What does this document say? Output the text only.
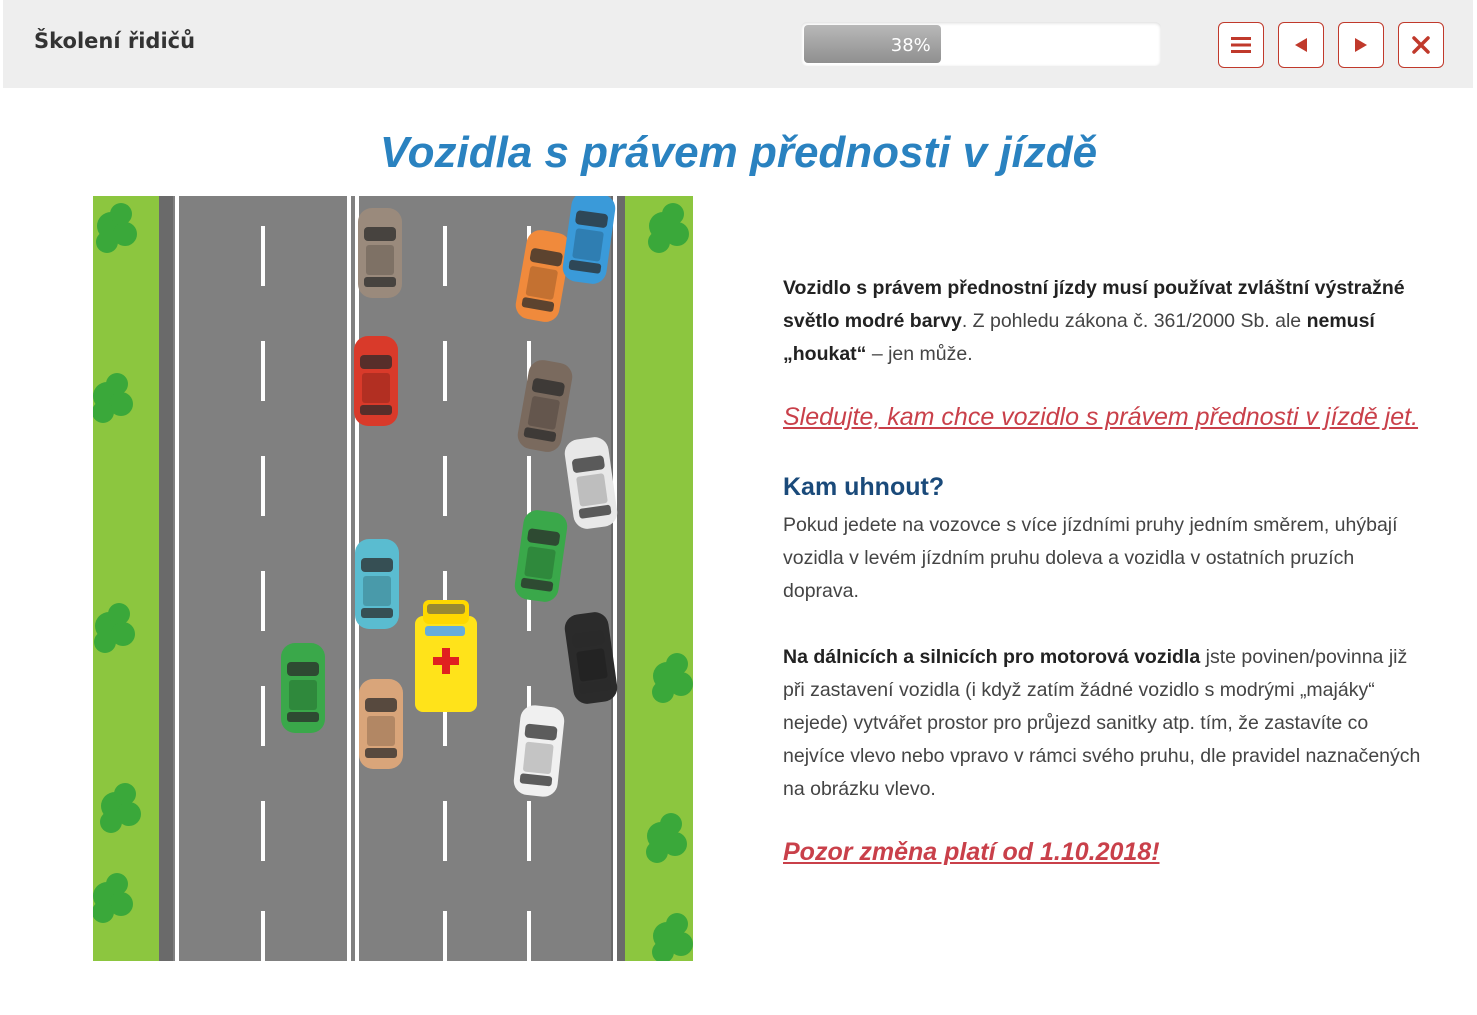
Školení řidičů	38%
Vozidla s právem přednosti v jízdě

Vozidlo s právem přednostní jízdy musí používat zvláštní výstražné světlo modré barvy. Z pohledu zákona č. 361/2000 Sb. ale nemusí „houkat“ – jen může.

Sledujte, kam chce vozidlo s právem přednosti v jízdě jet.
Kam uhnout?

Pokud jedete na vozovce s více jízdními pruhy jedním směrem, uhýbají vozidla v levém jízdním pruhu doleva a vozidla v ostatních pruzích doprava.

Na dálnicích a silnicích pro motorová vozidla jste povinen/povinna již při zastavení vozidla (i když zatím žádné vozidlo s modrými „majáky“ nejede) vytvářet prostor pro průjezd sanitky atp. tím, že zastavíte co nejvíce vlevo nebo vpravo v rámci svého pruhu, dle pravidel naznačených na obrázku vlevo.

Pozor změna platí od 1.10.2018!
